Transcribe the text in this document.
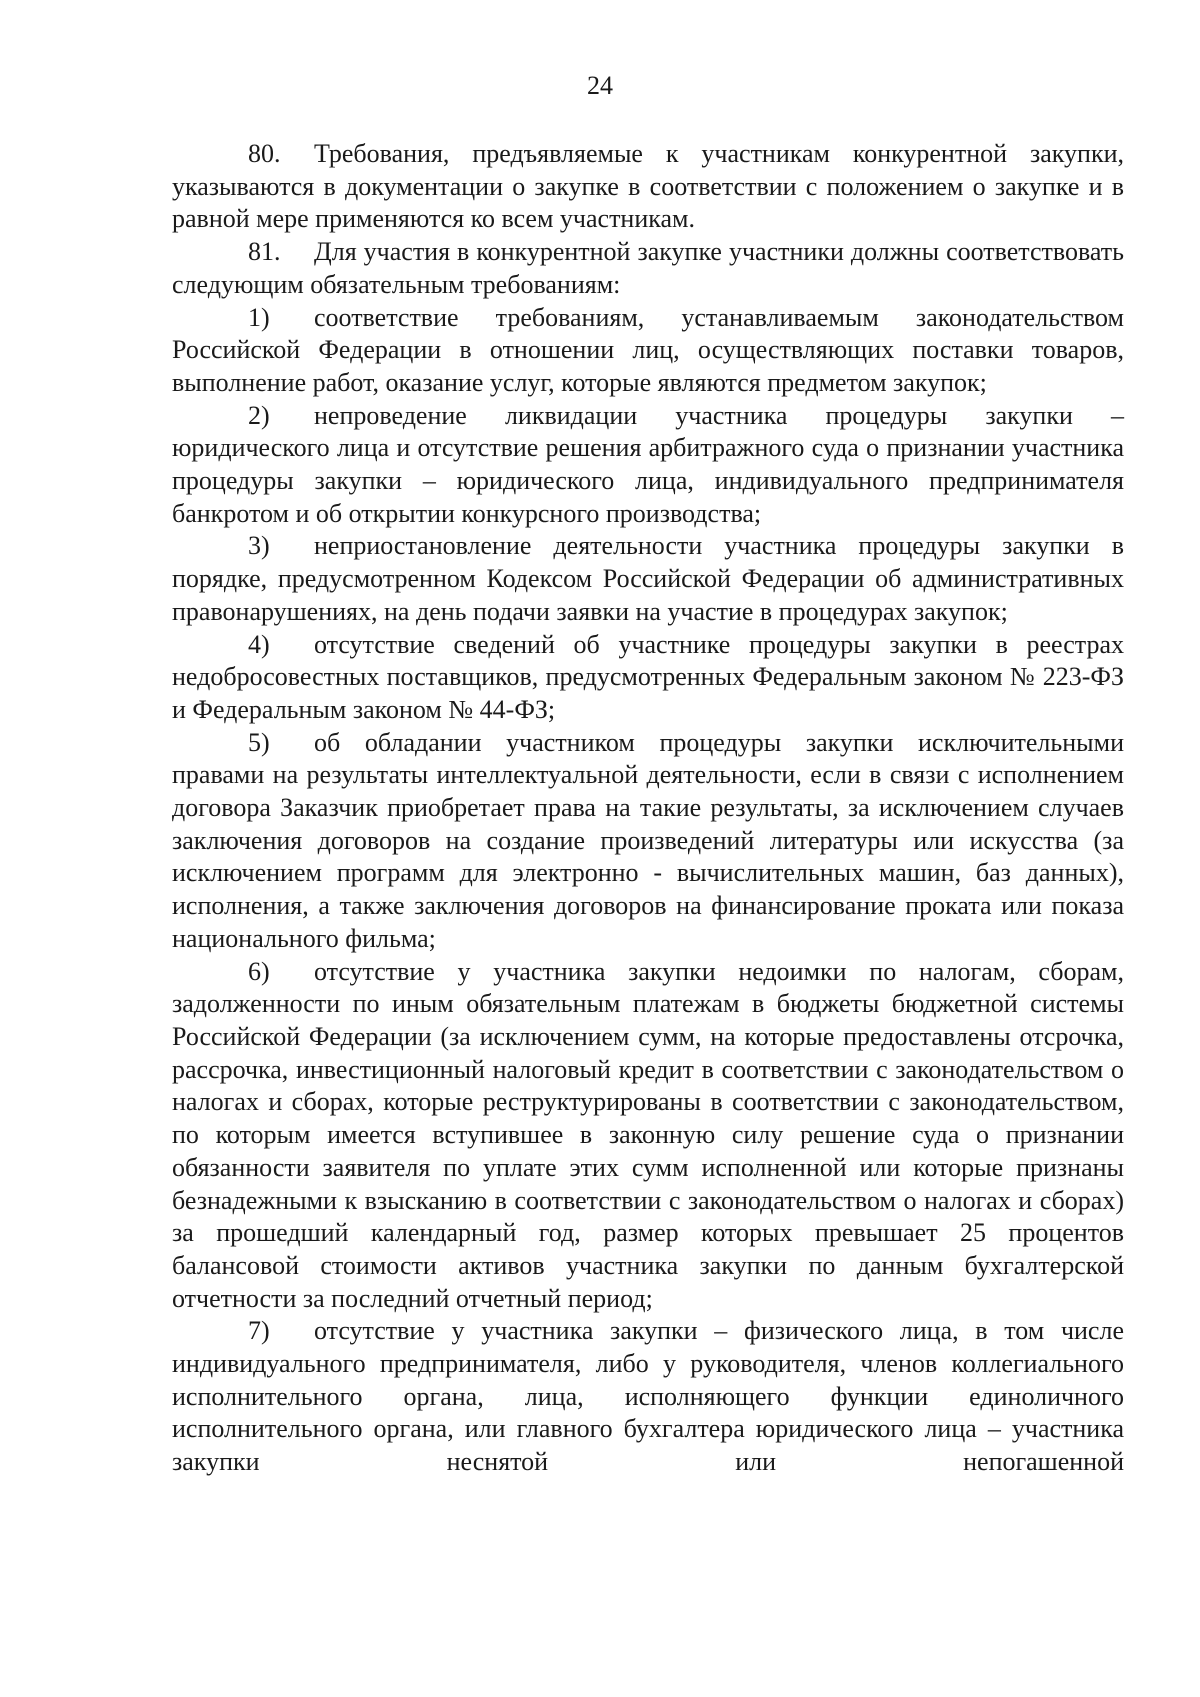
24

80. Требования, предъявляемые к участникам конкурентной закупки, указываются в документации о закупке в соответствии с положением о закупке и в равной мере применяются ко всем участникам.

81. Для участия в конкурентной закупке участники должны соответствовать следующим обязательным требованиям:

1) соответствие требованиям, устанавливаемым законодательством Российской Федерации в отношении лиц, осуществляющих поставки товаров, выполнение работ, оказание услуг, которые являются предметом закупок;

2) непроведение ликвидации участника процедуры закупки – юридического лица и отсутствие решения арбитражного суда о признании участника процедуры закупки – юридического лица, индивидуального предпринимателя банкротом и об открытии конкурсного производства;

3) неприостановление деятельности участника процедуры закупки в порядке, предусмотренном Кодексом Российской Федерации об административных правонарушениях, на день подачи заявки на участие в процедурах закупок;

4) отсутствие сведений об участнике процедуры закупки в реестрах недобросовестных поставщиков, предусмотренных Федеральным законом № 223-ФЗ и Федеральным законом № 44-ФЗ;

5) об обладании участником процедуры закупки исключительными правами на результаты интеллектуальной деятельности, если в связи с исполнением договора Заказчик приобретает права на такие результаты, за исключением случаев заключения договоров на создание произведений литературы или искусства (за исключением программ для электронно - вычислительных машин, баз данных), исполнения, а также заключения договоров на финансирование проката или показа национального фильма;

6) отсутствие у участника закупки недоимки по налогам, сборам, задолженности по иным обязательным платежам в бюджеты бюджетной системы Российской Федерации (за исключением сумм, на которые предоставлены отсрочка, рассрочка, инвестиционный налоговый кредит в соответствии с законодательством о налогах и сборах, которые реструктурированы в соответствии с законодательством, по которым имеется вступившее в законную силу решение суда о признании обязанности заявителя по уплате этих сумм исполненной или которые признаны безнадежными к взысканию в соответствии с законодательством о налогах и сборах) за прошедший календарный год, размер которых превышает 25 процентов балансовой стоимости активов участника закупки по данным бухгалтерской отчетности за последний отчетный период;

7) отсутствие у участника закупки – физического лица, в том числе индивидуального предпринимателя, либо у руководителя, членов коллегиального исполнительного органа, лица, исполняющего функции единоличного исполнительного органа, или главного бухгалтера юридического лица – участника закупки неснятой или непогашенной
